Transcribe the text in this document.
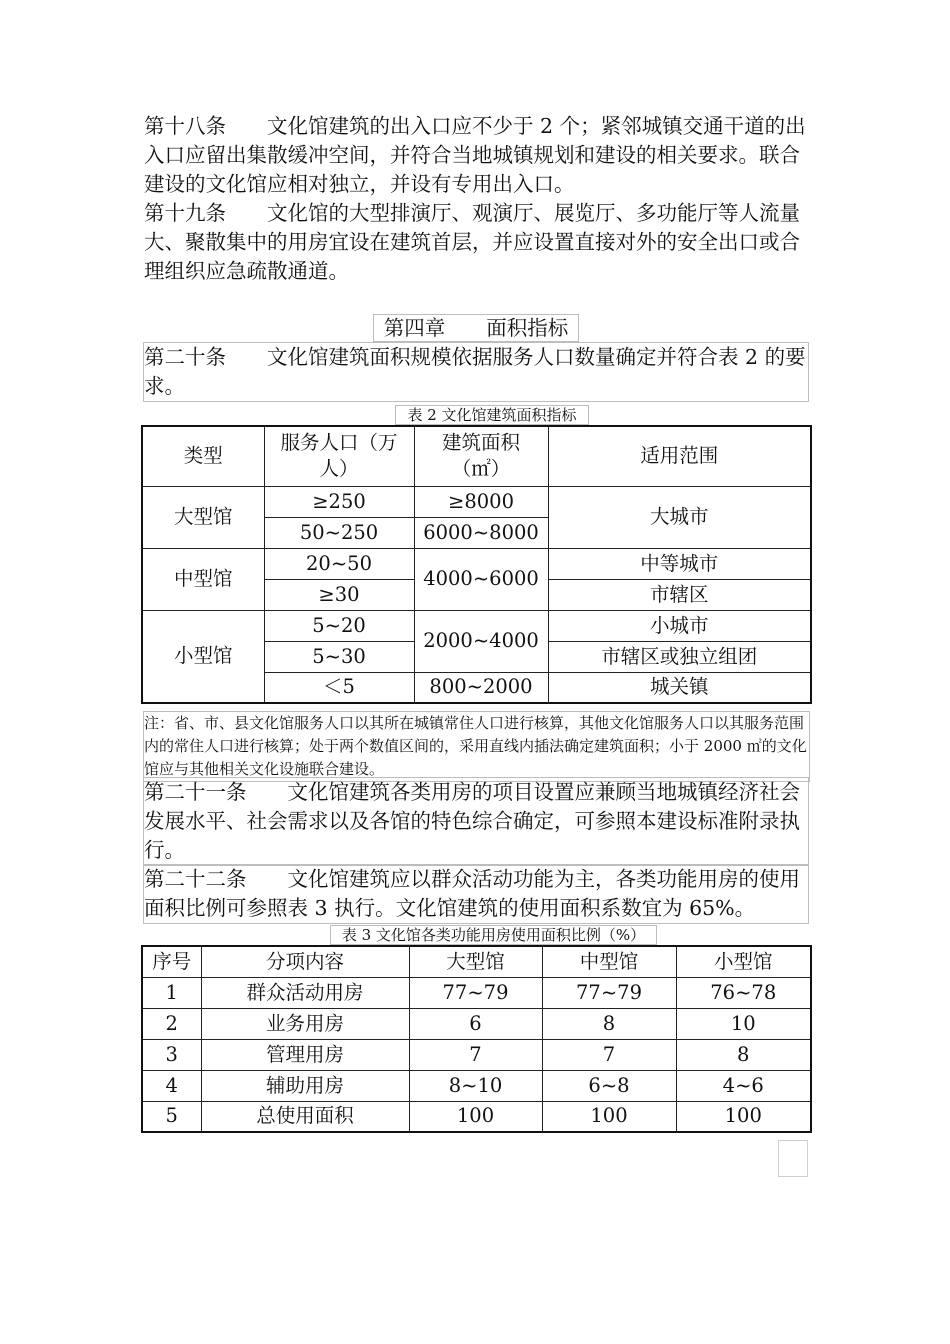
第十八条　　文化馆建筑的出入口应不少于 2 个；紧邻城镇交通干道的出入口应留出集散缓冲空间，并符合当地城镇规划和建设的相关要求。联合建设的文化馆应相对独立，并设有专用出入口。
第十九条　　文化馆的大型排演厅、观演厅、展览厅、多功能厅等人流量大、聚散集中的用房宜设在建筑首层，并应设置直接对外的安全出口或合理组织应急疏散通道。
第四章　　面积指标
第二十条　　文化馆建筑面积规模依据服务人口数量确定并符合表 2 的要求。
表 2 文化馆建筑面积指标
类型	服务人口（万人）	建筑面积（㎡）	适用范围
大型馆	≥250	≥8000	大城市
	50~250	6000~8000	
中型馆	20~50	4000~6000	中等城市
	≥30		市辖区
小型馆	5~20	2000~4000	小城市
	5~30		市辖区或独立组团
	＜5	800~2000	城关镇
注：省、市、县文化馆服务人口以其所在城镇常住人口进行核算，其他文化馆服务人口以其服务范围内的常住人口进行核算；处于两个数值区间的，采用直线内插法确定建筑面积；小于 2000 ㎡的文化馆应与其他相关文化设施联合建设。
第二十一条　　文化馆建筑各类用房的项目设置应兼顾当地城镇经济社会发展水平、社会需求以及各馆的特色综合确定，可参照本建设标准附录执行。
第二十二条　　文化馆建筑应以群众活动功能为主，各类功能用房的使用面积比例可参照表 3 执行。文化馆建筑的使用面积系数宜为 65%。
表 3 文化馆各类功能用房使用面积比例（%）
序号	分项内容	大型馆	中型馆	小型馆
1	群众活动用房	77~79	77~79	76~78
2	业务用房	6	8	10
3	管理用房	7	7	8
4	辅助用房	8~10	6~8	4~6
5	总使用面积	100	100	100
